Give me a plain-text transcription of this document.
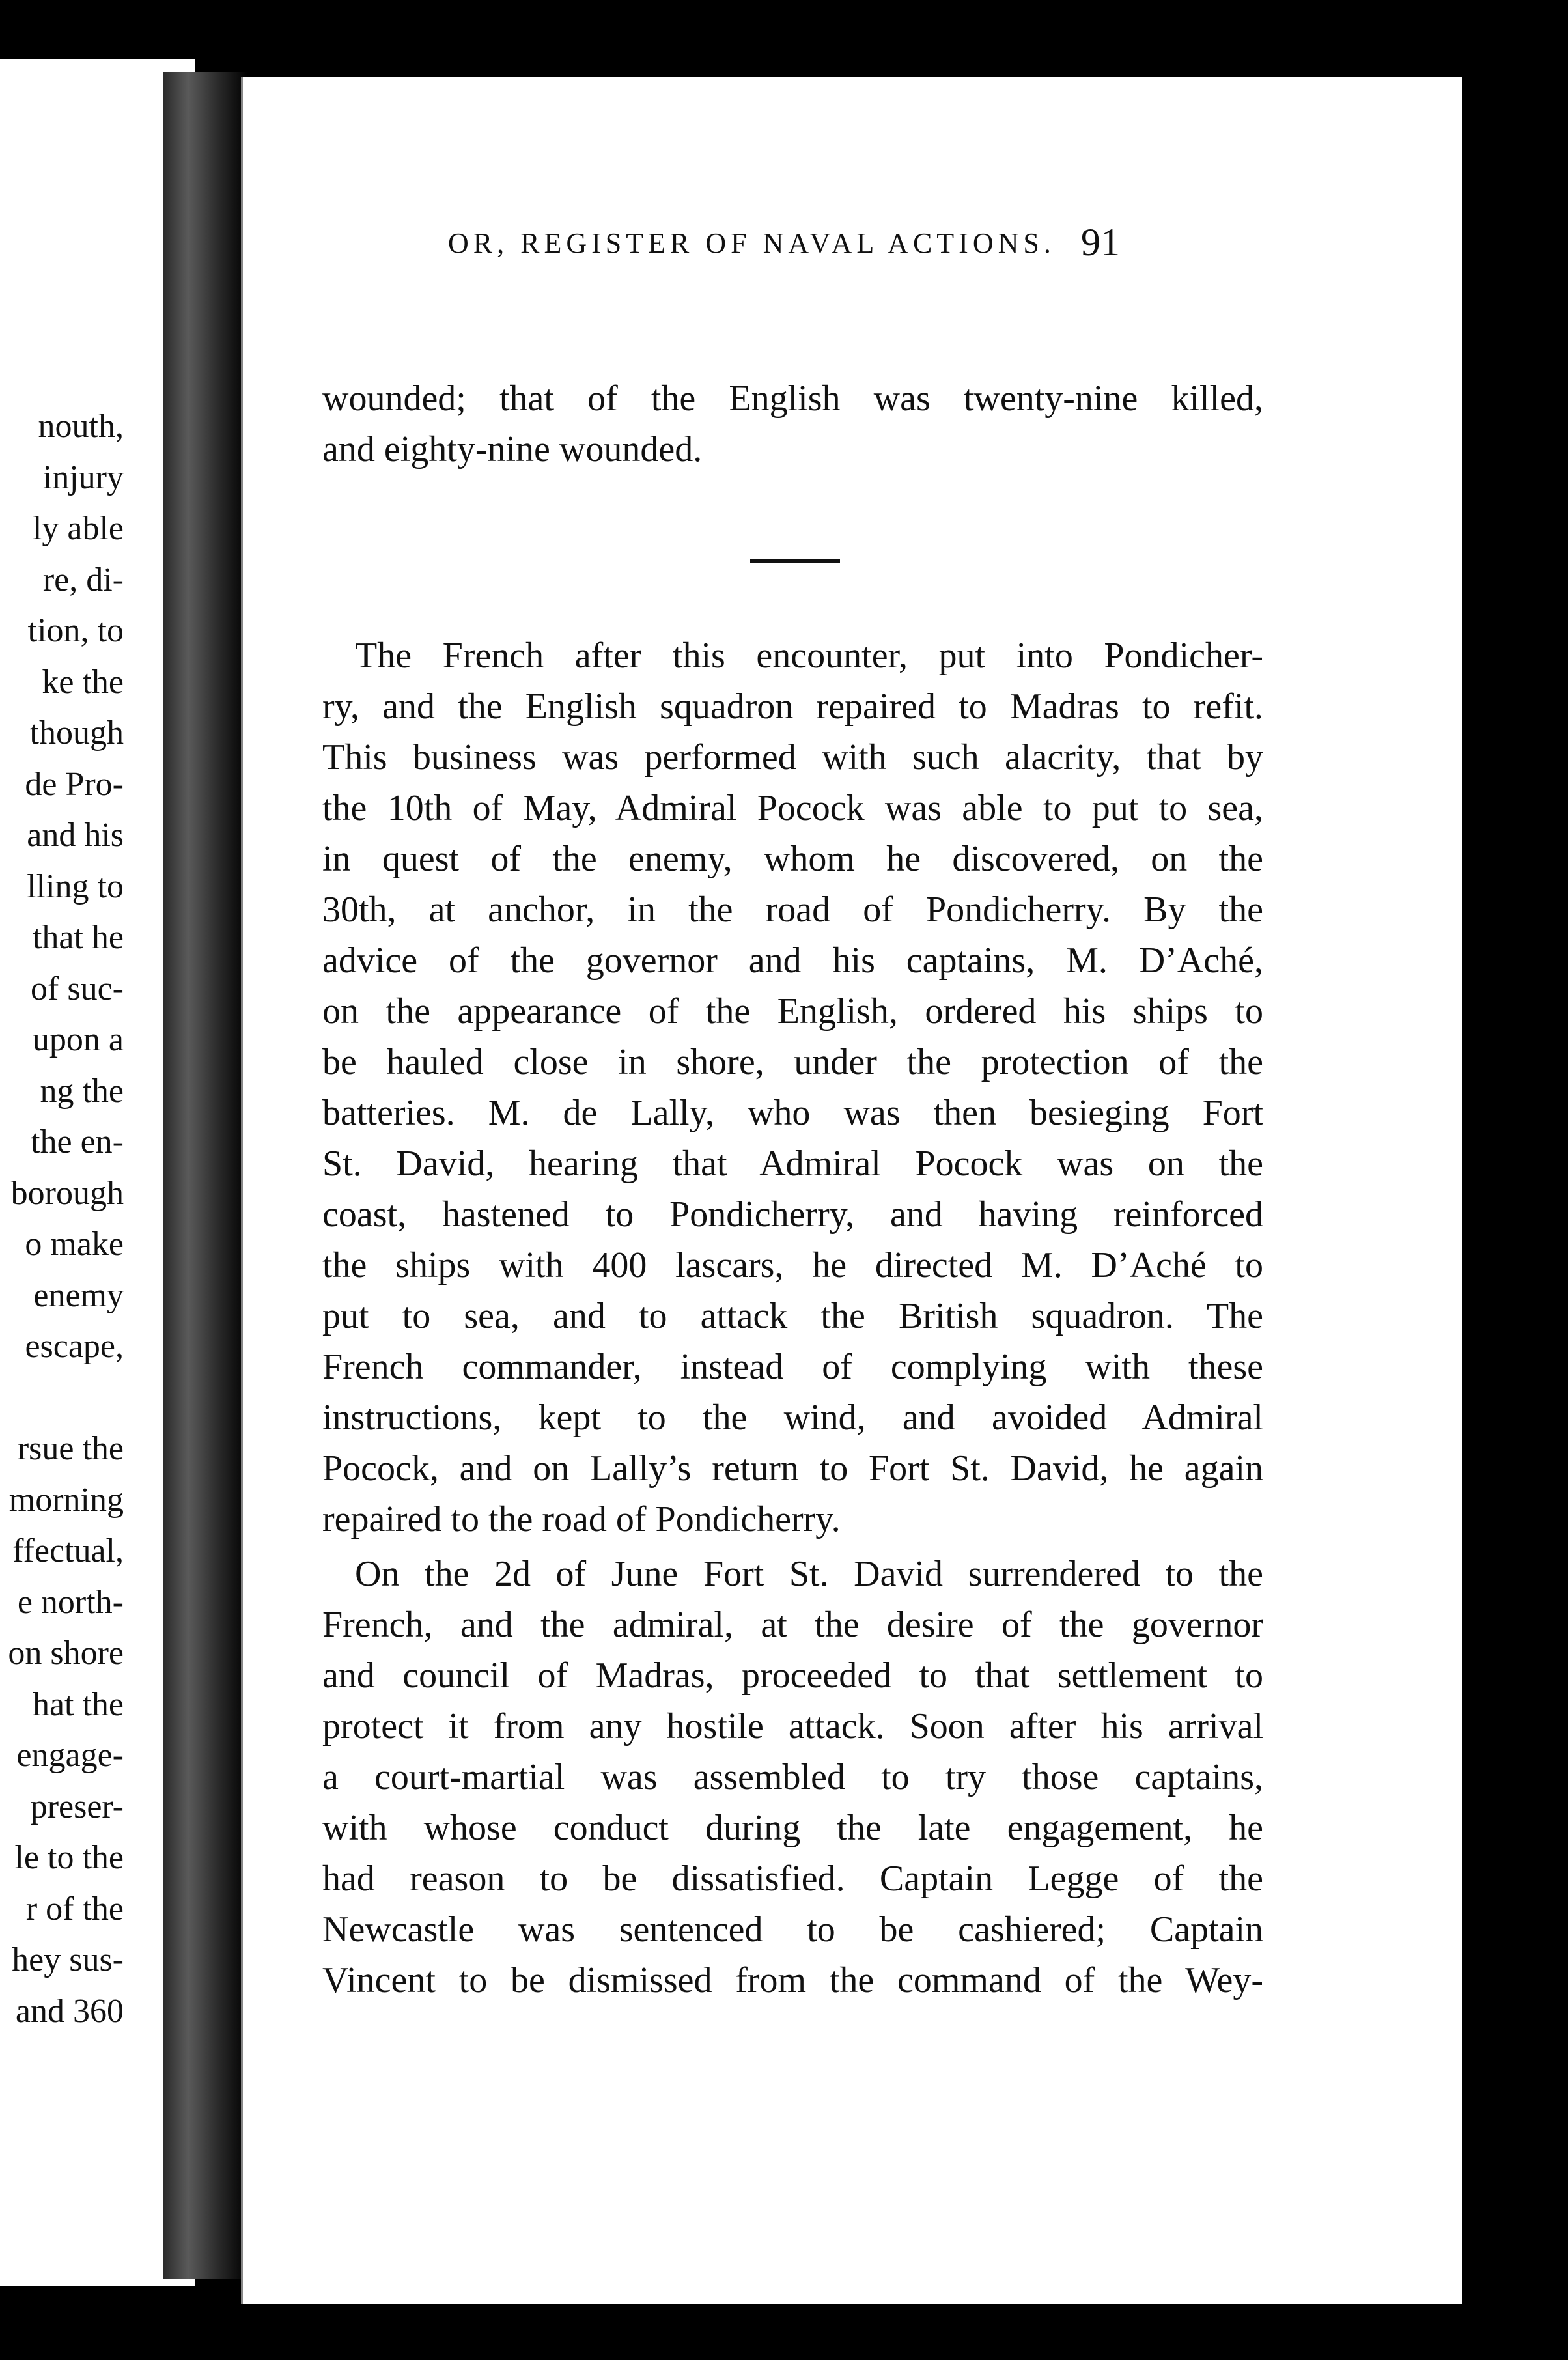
nouth,
injury
ly able
re, di-
tion, to
ke the
though
de Pro-
and his
lling to
that he
of suc-
upon a
ng the
the en-
borough
o make
enemy
escape,
rsue the
morning
ffectual,
e north-
on shore
hat the
engage-
preser-
le to the
r of the
hey sus-
and 360
OR, REGISTER OF NAVAL ACTIONS. 91
wounded; that of the English was twenty-nine killed,
and eighty-nine wounded.
The French after this encounter, put into Pondicher-
ry, and the English squadron repaired to Madras to refit.
This business was performed with such alacrity, that by
the 10th of May, Admiral Pocock was able to put to sea,
in quest of the enemy, whom he discovered, on the
30th, at anchor, in the road of Pondicherry. By the
advice of the governor and his captains, M. D’Aché,
on the appearance of the English, ordered his ships to
be hauled close in shore, under the protection of the
batteries. M. de Lally, who was then besieging Fort
St. David, hearing that Admiral Pocock was on the
coast, hastened to Pondicherry, and having reinforced
the ships with 400 lascars, he directed M. D’Aché to
put to sea, and to attack the British squadron. The
French commander, instead of complying with these
instructions, kept to the wind, and avoided Admiral
Pocock, and on Lally’s return to Fort St. David, he again
repaired to the road of Pondicherry.
On the 2d of June Fort St. David surrendered to the
French, and the admiral, at the desire of the governor
and council of Madras, proceeded to that settlement to
protect it from any hostile attack. Soon after his arrival
a court-martial was assembled to try those captains,
with whose conduct during the late engagement, he
had reason to be dissatisfied. Captain Legge of the
Newcastle was sentenced to be cashiered; Captain
Vincent to be dismissed from the command of the Wey-
